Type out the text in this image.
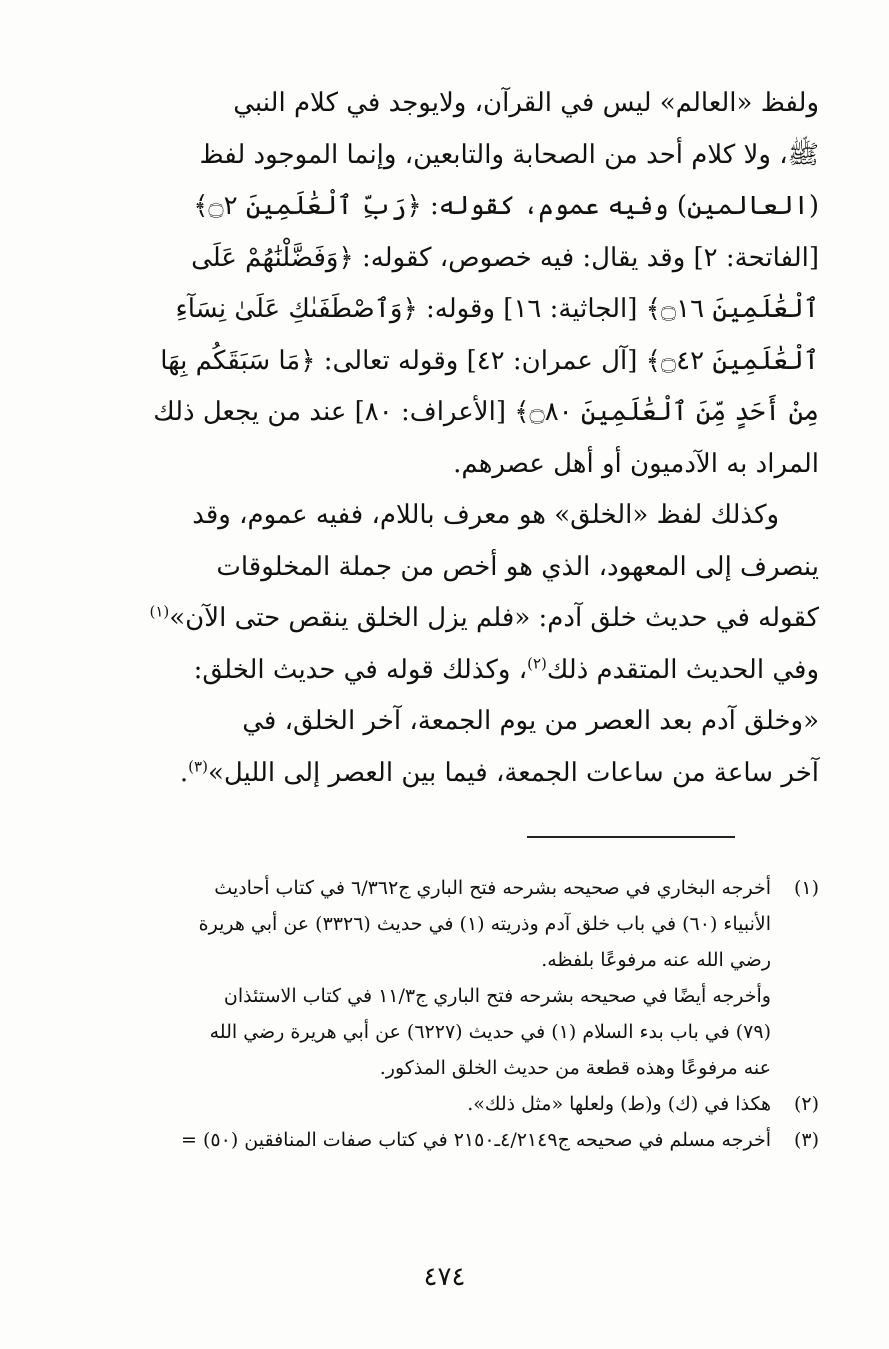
ولفظ «العالم» ليس في القرآن، ولايوجد في كلام النبي
ﷺ، ولا كلام أحد من الصحابة والتابعين، وإنما الموجود لفظ
(العالمين) وفيه عموم، كقوله: ﴿رَبِّ ٱلْعَٰلَمِينَ ۝٢﴾
[الفاتحة: ٢] وقد يقال: فيه خصوص، كقوله: ﴿وَفَضَّلْنَٰهُمْ عَلَى
ٱلْعَٰلَمِينَ ۝١٦﴾ [الجاثية: ١٦] وقوله: ﴿وَٱصْطَفَىٰكِ عَلَىٰ نِسَآءِ
ٱلْعَٰلَمِينَ ۝٤٢﴾ [آل عمران: ٤٢] وقوله تعالى: ﴿مَا سَبَقَكُم بِهَا
مِنْ أَحَدٍ مِّنَ ٱلْعَٰلَمِينَ ۝٨٠﴾ [الأعراف: ٨٠] عند من يجعل ذلك
المراد به الآدميون أو أهل عصرهم.

وكذلك لفظ «الخلق» هو معرف باللام، ففيه عموم، وقد
ينصرف إلى المعهود، الذي هو أخص من جملة المخلوقات
كقوله في حديث خلق آدم: «فلم يزل الخلق ينقص حتى الآن»$^{(١)}$
وفي الحديث المتقدم ذلك$^{(٢)}$، وكذلك قوله في حديث الخلق:
«وخلق آدم بعد العصر من يوم الجمعة، آخر الخلق، في
آخر ساعة من ساعات الجمعة، فيما بين العصر إلى الليل»$^{(٣)}$.

(١)
أخرجه البخاري في صحيحه بشرحه فتح الباري ج٦/٣٦٢ في كتاب أحاديث
الأنبياء (٦٠) في باب خلق آدم وذريته (١) في حديث (٣٣٢٦) عن أبي هريرة
رضي الله عنه مرفوعًا بلفظه.
وأخرجه أيضًا في صحيحه بشرحه فتح الباري ج١١/٣ في كتاب الاستئذان
(٧٩) في باب بدء السلام (١) في حديث (٦٢٢٧) عن أبي هريرة رضي الله
عنه مرفوعًا وهذه قطعة من حديث الخلق المذكور.
(٢)
هكذا في (ك) و(ط) ولعلها «مثل ذلك».
(٣)
أخرجه مسلم في صحيحه ج٤/٢١٤٩ـ٢١٥٠ في كتاب صفات المنافقين (٥٠) =
٤٧٤
